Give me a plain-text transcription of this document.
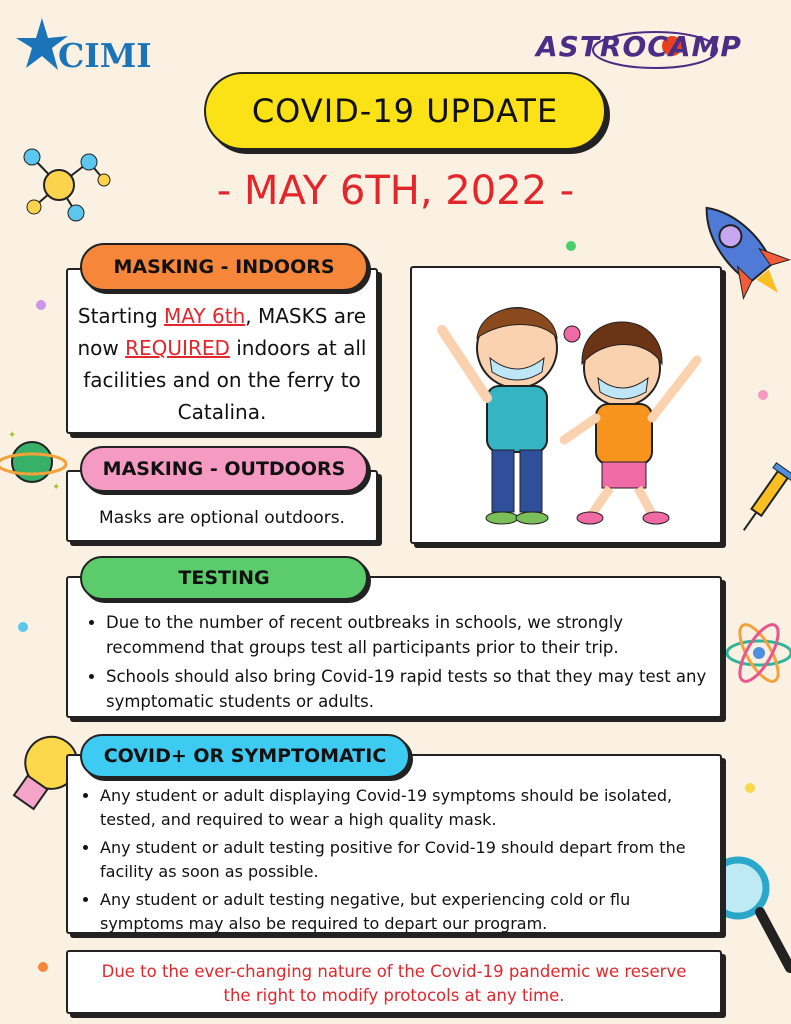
CIMI	ASTROCAMP
COVID-19 UPDATE
- MAY 6TH, 2022 -
✦
✦

Starting MAY 6th, MASKS are now REQUIRED indoors at all facilities and on the ferry to Catalina.

MASKING - INDOORS

Masks are optional outdoors.

MASKING - OUTDOORS
• Due to the number of recent outbreaks in schools, we strongly recommend that groups test all participants prior to their trip.
• Schools should also bring Covid-19 rapid tests so that they may test any symptomatic students or adults.
TESTING
• Any student or adult displaying Covid-19 symptoms should be isolated, tested, and required to wear a high quality mask.
• Any student or adult testing positive for Covid-19 should depart from the facility as soon as possible.
• Any student or adult testing negative, but experiencing cold or flu symptoms may also be required to depart our program.
COVID+ OR SYMPTOMATIC

Due to the ever-changing nature of the Covid-19 pandemic we reserve the right to modify protocols at any time.
